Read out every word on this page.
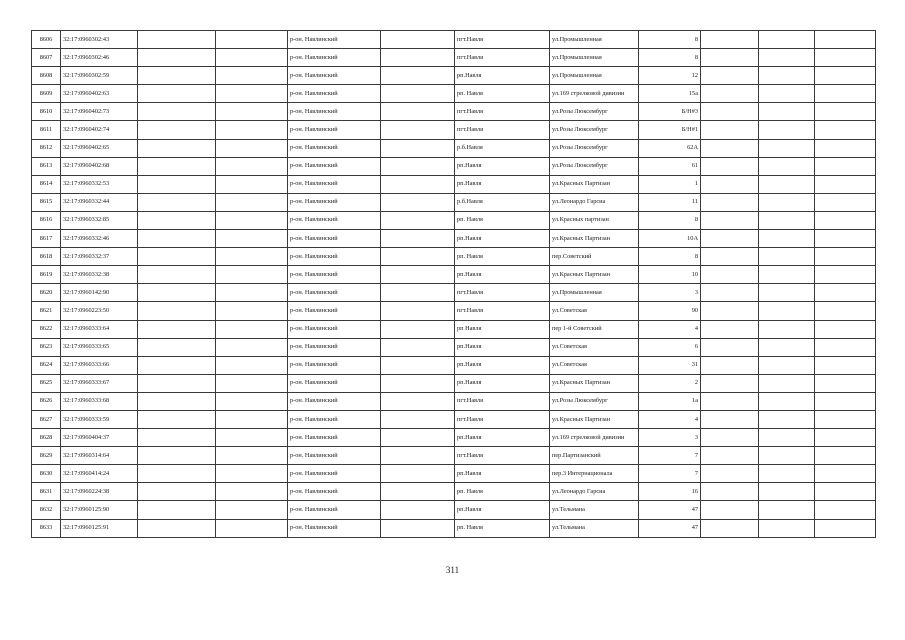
8606	32:17:0960302:43			р-он. Навлинский		пгт.Навля	ул.Промышленная	8			
8607	32:17:0960302:46			р-он. Навлинский		пгт.Навля	ул.Промышленная	8			
8608	32:17:0960302:59			р-он. Навлинский		рп.Навля	ул.Промышленная	12			
8609	32:17:0960402:63			р-он. Навлинский		рп. Навля	ул.169 стрелковой дивизии	15а			
8610	32:17:0960402:73			р-он. Навлинский		пгт.Навля	ул.Розы Люксембург	Б/Н#3			
8611	32:17:0960402:74			р-он. Навлинский		пгт.Навля	ул.Розы Люксембург	Б/Н#1			
8612	32:17:0960402:65			р-он. Навлинский		р.б.Навля	ул.Розы Люксембург	62А			
8613	32:17:0960402:68			р-он. Навлинский		рп.Навля	ул.Розы Люксембург	61			
8614	32:17:0960332:53			р-он. Навлинский		рп.Навля	ул.Красных Партизан	1			
8615	32:17:0960332:44			р-он. Навлинский		р.б.Навля	ул.Леонардо Гарсиа	11			
8616	32:17:0960332:85			р-он. Навлинский		рп. Навля	ул.Красных партизан	8			
8617	32:17:0960332:46			р-он. Навлинский		рп.Навля	ул.Красных Партизан	10А			
8618	32:17:0960332:37			р-он. Навлинский		рп. Навля	пер.Советский	8			
8619	32:17:0960332:38			р-он. Навлинский		рп.Навля	ул.Красных Партизан	10			
8620	32:17:0960142:90			р-он. Навлинский		пгт.Навля	ул.Промышленная	3			
8621	32:17:0960223:50			р-он. Навлинский		пгт.Навля	ул.Советская	90			
8622	32:17:0960333:64			р-он. Навлинский		рп Навля	пер 1-й Советский	4			
8623	32:17:0960333:65			р-он. Навлинский		рп.Навля	ул.Советская	6			
8624	32:17:0960333:66			р-он. Навлинский		рп.Навля	ул.Советская	31			
8625	32:17:0960333:67			р-он. Навлинский		рп.Навля	ул.Красных Партизан	2			
8626	32:17:0960333:68			р-он. Навлинский		пгт.Навля	ул.Розы Люксембург	1а			
8627	32:17:0960333:59			р-он. Навлинский		пгт.Навля	ул.Красных Партизан	4			
8628	32:17:0960404:37			р-он. Навлинский		рп.Навля	ул.169 стрелковой дивизии	3			
8629	32:17:0960314:64			р-он. Навлинский		пгт.Навля	пер.Партизанский	7			
8630	32:17:0960414:24			р-он. Навлинский		рп.Навля	пер.3 Интернационала	7			
8631	32:17:0960224:38			р-он. Навлинский		рп. Навля	ул.Леонардо Гарсиа	16			
8632	32:17:0960125:90			р-он. Навлинский		рп.Навля	ул.Тельмана	47			
8633	32:17:0960125:91			р-он. Навлинский		рп. Навля	ул.Тельмана	47			
311
